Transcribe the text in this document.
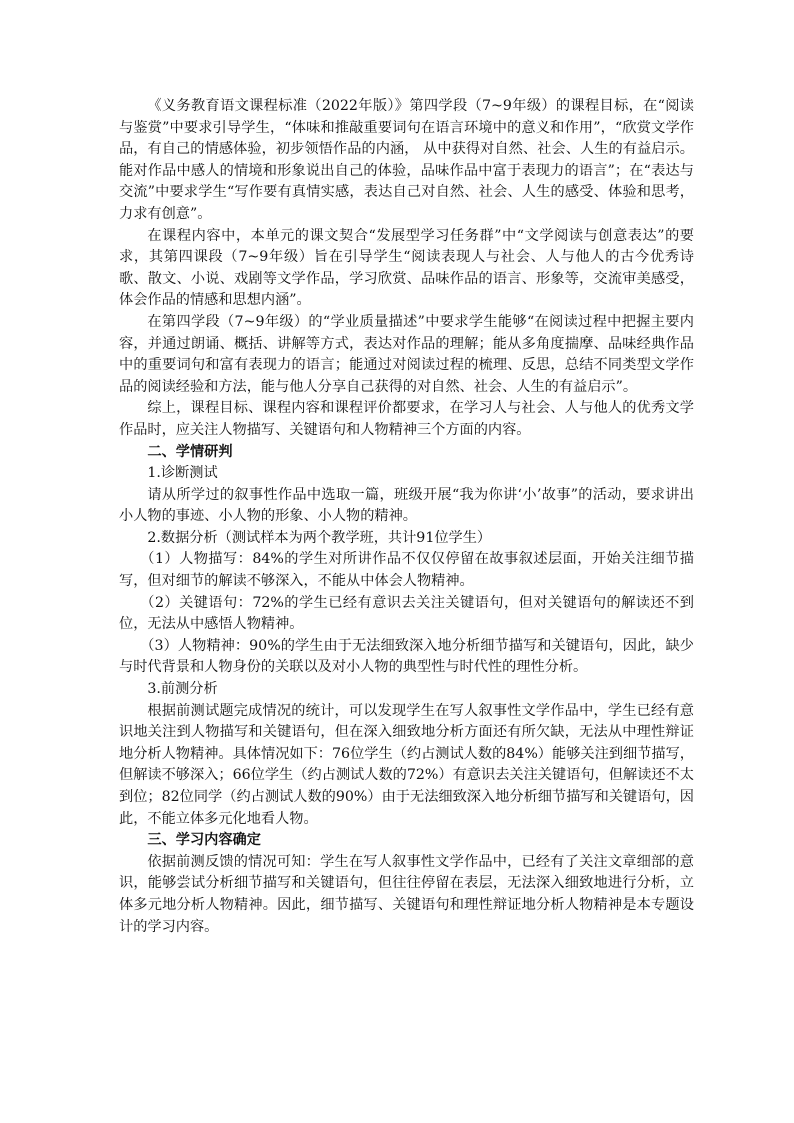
《义务教育语文课程标准（2022年版）》第四学段（7~9年级）的课程目标，在“阅读与鉴赏”中要求引导学生，“体味和推敲重要词句在语言环境中的意义和作用”，“欣赏文学作品，有自己的情感体验，初步领悟作品的内涵， 从中获得对自然、社会、人生的有益启示。能对作品中感人的情境和形象说出自己的体验，品味作品中富于表现力的语言”；在“表达与交流”中要求学生“写作要有真情实感，表达自己对自然、社会、人生的感受、体验和思考，力求有创意”。

在课程内容中，本单元的课文契合“发展型学习任务群”中“文学阅读与创意表达”的要求，其第四课段（7~9年级）旨在引导学生“阅读表现人与社会、人与他人的古今优秀诗歌、散文、小说、戏剧等文学作品，学习欣赏、品味作品的语言、形象等，交流审美感受，体会作品的情感和思想内涵”。

在第四学段（7~9年级）的“学业质量描述”中要求学生能够“在阅读过程中把握主要内容，并通过朗诵、概括、讲解等方式，表达对作品的理解；能从多角度揣摩、品味经典作品中的重要词句和富有表现力的语言；能通过对阅读过程的梳理、反思，总结不同类型文学作品的阅读经验和方法，能与他人分享自己获得的对自然、社会、人生的有益启示”。

综上，课程目标、课程内容和课程评价都要求，在学习人与社会、人与他人的优秀文学作品时，应关注人物描写、关键语句和人物精神三个方面的内容。

二、学情研判

1.诊断测试

请从所学过的叙事性作品中选取一篇，班级开展“我为你讲‘小’故事”的活动，要求讲出小人物的事迹、小人物的形象、小人物的精神。

2.数据分析（测试样本为两个教学班，共计91位学生）

（1）人物描写：84%的学生对所讲作品不仅仅停留在故事叙述层面，开始关注细节描写，但对细节的解读不够深入，不能从中体会人物精神。

（2）关键语句：72%的学生已经有意识去关注关键语句，但对关键语句的解读还不到位，无法从中感悟人物精神。

（3）人物精神：90%的学生由于无法细致深入地分析细节描写和关键语句，因此，缺少与时代背景和人物身份的关联以及对小人物的典型性与时代性的理性分析。

3.前测分析

根据前测试题完成情况的统计，可以发现学生在写人叙事性文学作品中，学生已经有意识地关注到人物描写和关键语句，但在深入细致地分析方面还有所欠缺，无法从中理性辩证地分析人物精神。具体情况如下：76位学生（约占测试人数的84%）能够关注到细节描写，但解读不够深入；66位学生（约占测试人数的72%）有意识去关注关键语句，但解读还不太到位；82位同学（约占测试人数的90%）由于无法细致深入地分析细节描写和关键语句，因此，不能立体多元化地看人物。

三、学习内容确定

依据前测反馈的情况可知：学生在写人叙事性文学作品中，已经有了关注文章细部的意识，能够尝试分析细节描写和关键语句，但往往停留在表层，无法深入细致地进行分析，立体多元地分析人物精神。因此，细节描写、关键语句和理性辩证地分析人物精神是本专题设计的学习内容。
